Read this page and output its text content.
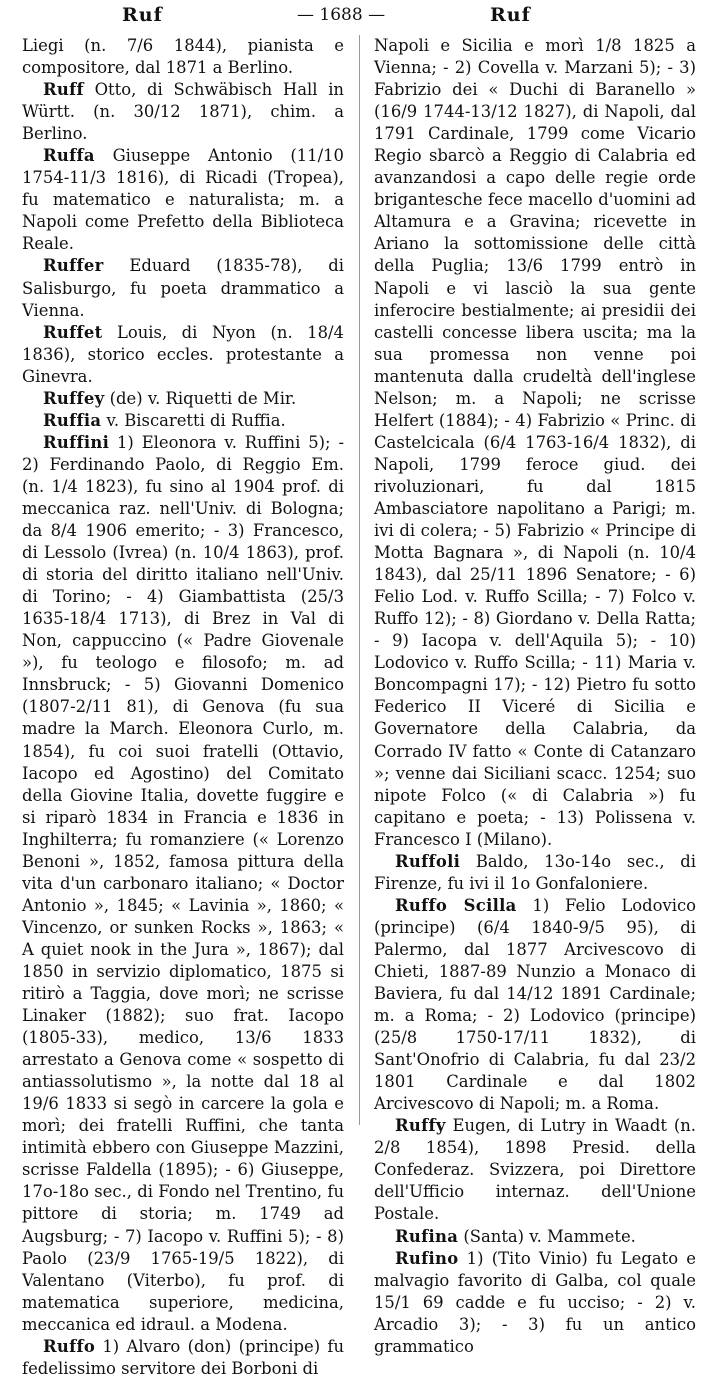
Ruf	— 1688 —	Ruf

Liegi (n. 7/6 1844), pianista e compositore, dal 1871 a Berlino.

Ruff Otto, di Schwäbisch Hall in Württ. (n. 30/12 1871), chim. a Berlino.

Ruffa Giuseppe Antonio (11/10 1754-11/3 1816), di Ricadi (Tropea), fu matematico e naturalista; m. a Napoli come Prefetto della Biblioteca Reale.

Ruffer Eduard (1835-78), di Salisburgo, fu poeta drammatico a Vienna.

Ruffet Louis, di Nyon (n. 18/4 1836), storico eccles. protestante a Ginevra.

Ruffey (de) v. Riquetti de Mir.

Ruffia v. Biscaretti di Ruffia.

Ruffini 1) Eleonora v. Ruffini 5); - 2) Ferdinando Paolo, di Reggio Em. (n. 1/4 1823), fu sino al 1904 prof. di meccanica raz. nell'Univ. di Bologna; da 8/4 1906 emerito; - 3) Francesco, di Lessolo (Ivrea) (n. 10/4 1863), prof. di storia del diritto italiano nell'Univ. di Torino; - 4) Giambattista (25/3 1635-18/4 1713), di Brez in Val di Non, cappuccino (« Padre Giovenale »), fu teologo e filosofo; m. ad Innsbruck; - 5) Giovanni Domenico (1807-2/11 81), di Genova (fu sua madre la March. Eleonora Curlo, m. 1854), fu coi suoi fratelli (Ottavio, Iacopo ed Agostino) del Comitato della Giovine Italia, dovette fuggire e si riparò 1834 in Francia e 1836 in Inghilterra; fu romanziere (« Lorenzo Benoni », 1852, famosa pittura della vita d'un carbonaro italiano; « Doctor Antonio », 1845; « Lavinia », 1860; « Vincenzo, or sunken Rocks », 1863; « A quiet nook in the Jura », 1867); dal 1850 in servizio diplomatico, 1875 si ritirò a Taggia, dove morì; ne scrisse Linaker (1882); suo frat. Iacopo (1805-33), medico, 13/6 1833 arrestato a Genova come « sospetto di antiassolutismo », la notte dal 18 al 19/6 1833 si segò in carcere la gola e morì; dei fratelli Ruffini, che tanta intimità ebbero con Giuseppe Mazzini, scrisse Faldella (1895); - 6) Giuseppe, 17o-18o sec., di Fondo nel Trentino, fu pittore di storia; m. 1749 ad Augsburg; - 7) Iacopo v. Ruffini 5); - 8) Paolo (23/9 1765-19/5 1822), di Valentano (Viterbo), fu prof. di matematica superiore, medicina, meccanica ed idraul. a Modena.

Ruffo 1) Alvaro (don) (principe) fu fedelissimo servitore dei Borboni di

Napoli e Sicilia e morì 1/8 1825 a Vienna; - 2) Covella v. Marzani 5); - 3) Fabrizio dei « Duchi di Baranello » (16/9 1744-13/12 1827), di Napoli, dal 1791 Cardinale, 1799 come Vicario Regio sbarcò a Reggio di Calabria ed avanzandosi a capo delle regie orde brigantesche fece macello d'uomini ad Altamura e a Gravina; ricevette in Ariano la sottomissione delle città della Puglia; 13/6 1799 entrò in Napoli e vi lasciò la sua gente inferocire bestialmente; ai presidii dei castelli concesse libera uscita; ma la sua promessa non venne poi mantenuta dalla crudeltà dell'inglese Nelson; m. a Napoli; ne scrisse Helfert (1884); - 4) Fabrizio « Princ. di Castelcicala (6/4 1763-16/4 1832), di Napoli, 1799 feroce giud. dei rivoluzionari, fu dal 1815 Ambasciatore napolitano a Parigi; m. ivi di colera; - 5) Fabrizio « Principe di Motta Bagnara », di Napoli (n. 10/4 1843), dal 25/11 1896 Senatore; - 6) Felio Lod. v. Ruffo Scilla; - 7) Folco v. Ruffo 12); - 8) Giordano v. Della Ratta; - 9) Iacopa v. dell'Aquila 5); - 10) Lodovico v. Ruffo Scilla; - 11) Maria v. Boncompagni 17); - 12) Pietro fu sotto Federico II Viceré di Sicilia e Governatore della Calabria, da Corrado IV fatto « Conte di Catanzaro »; venne dai Siciliani scacc. 1254; suo nipote Folco (« di Calabria ») fu capitano e poeta; - 13) Polissena v. Francesco I (Milano).

Ruffoli Baldo, 13o-14o sec., di Firenze, fu ivi il 1o Gonfaloniere.

Ruffo Scilla 1) Felio Lodovico (principe) (6/4 1840-9/5 95), di Palermo, dal 1877 Arcivescovo di Chieti, 1887-89 Nunzio a Monaco di Baviera, fu dal 14/12 1891 Cardinale; m. a Roma; - 2) Lodovico (principe) (25/8 1750-17/11 1832), di Sant'Onofrio di Calabria, fu dal 23/2 1801 Cardinale e dal 1802 Arcivescovo di Napoli; m. a Roma.

Ruffy Eugen, di Lutry in Waadt (n. 2/8 1854), 1898 Presid. della Confederaz. Svizzera, poi Direttore dell'Ufficio internaz. dell'Unione Postale.

Rufina (Santa) v. Mammete.

Rufino 1) (Tito Vinio) fu Legato e malvagio favorito di Galba, col quale 15/1 69 cadde e fu ucciso; - 2) v. Arcadio 3); - 3) fu un antico grammatico
